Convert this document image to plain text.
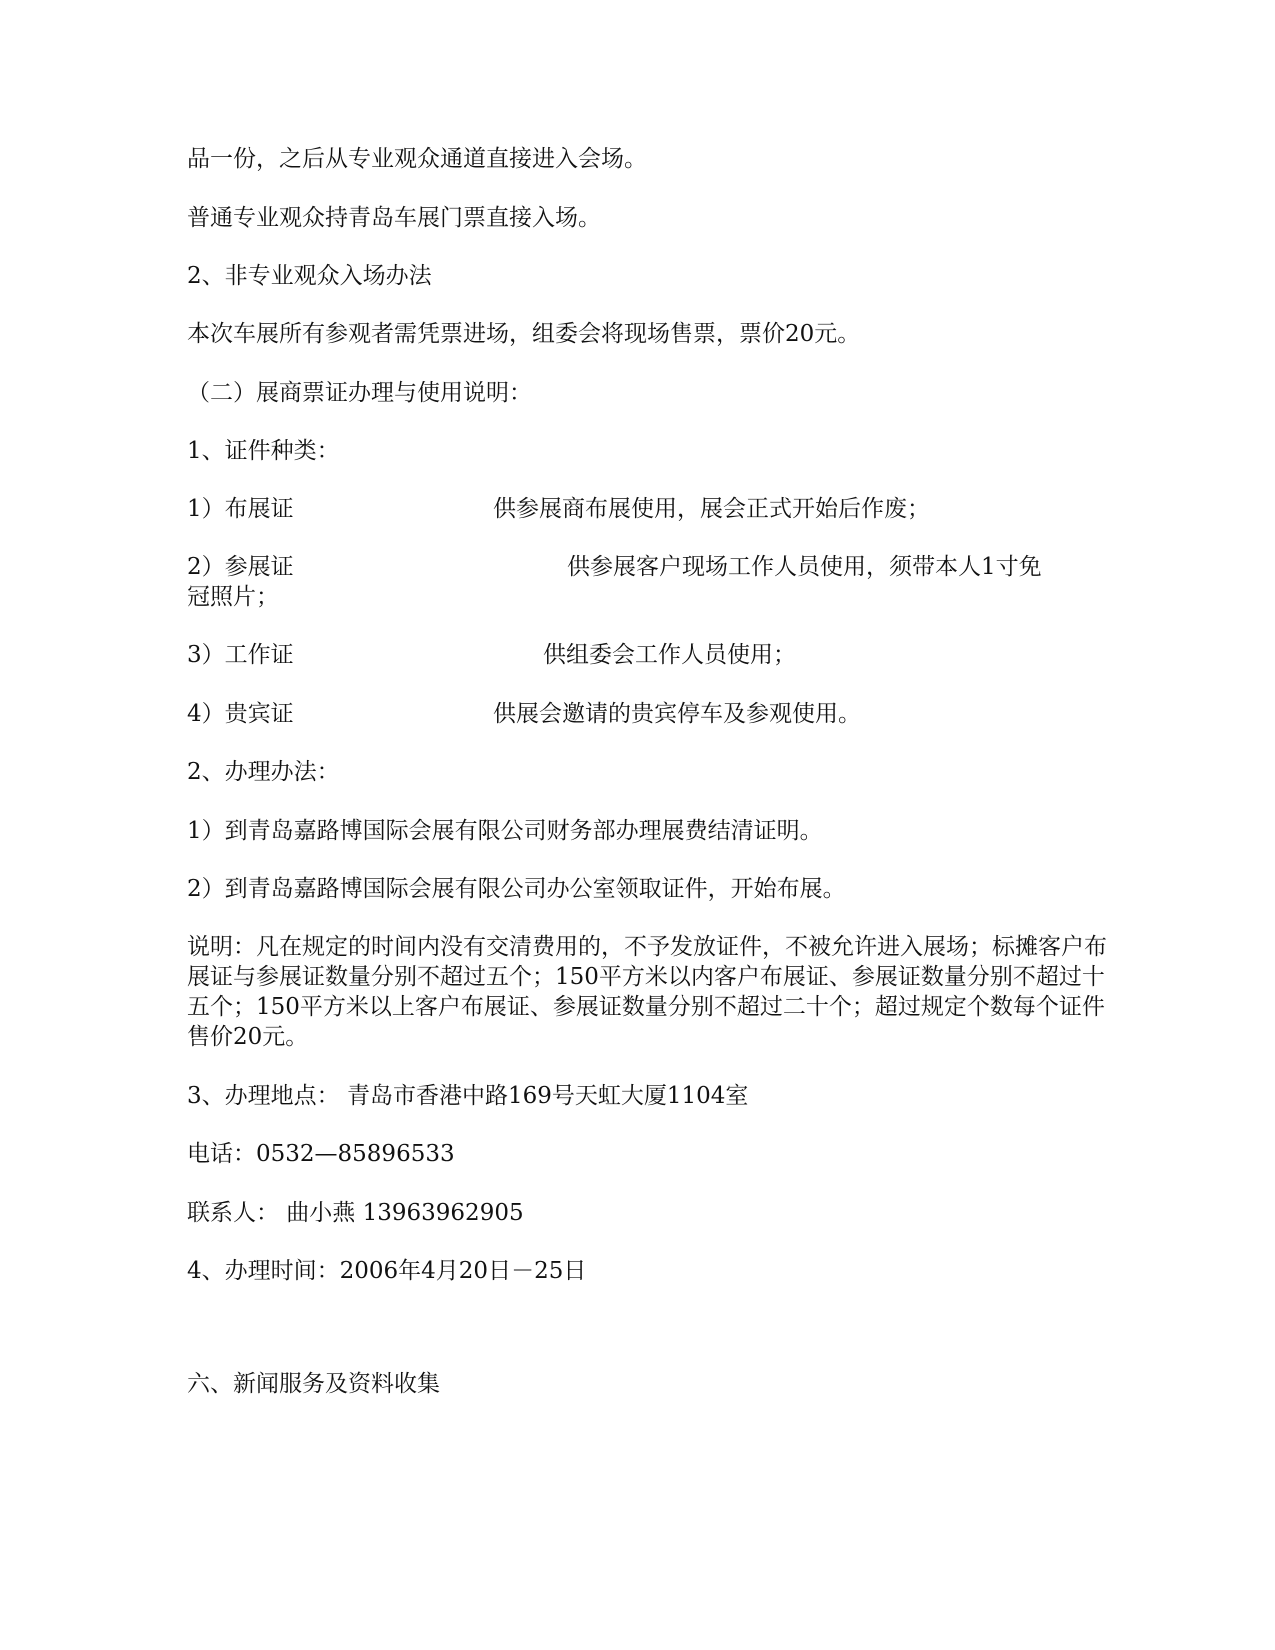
品一份，之后从专业观众通道直接进入会场。
普通专业观众持青岛车展门票直接入场。
2、非专业观众入场办法
本次车展所有参观者需凭票进场，组委会将现场售票，票价20元。
（二）展商票证办理与使用说明：
1、证件种类：
1）布展证	供参展商布展使用，展会正式开始后作废；
2）参展证	供参展客户现场工作人员使用，须带本人1寸免
冠照片；
3）工作证	供组委会工作人员使用；
4）贵宾证	供展会邀请的贵宾停车及参观使用。
2、办理办法：
1）到青岛嘉路博国际会展有限公司财务部办理展费结清证明。
2）到青岛嘉路博国际会展有限公司办公室领取证件，开始布展。
说明：凡在规定的时间内没有交清费用的，不予发放证件，不被允许进入展场；标摊客户布展证与参展证数量分别不超过五个；150平方米以内客户布展证、参展证数量分别不超过十五个；150平方米以上客户布展证、参展证数量分别不超过二十个；超过规定个数每个证件售价20元。
3、办理地点： 青岛市香港中路169号天虹大厦1104室
电话：0532—85896533
联系人： 曲小燕 13963962905
4、办理时间：2006年4月20日－25日
六、新闻服务及资料收集
